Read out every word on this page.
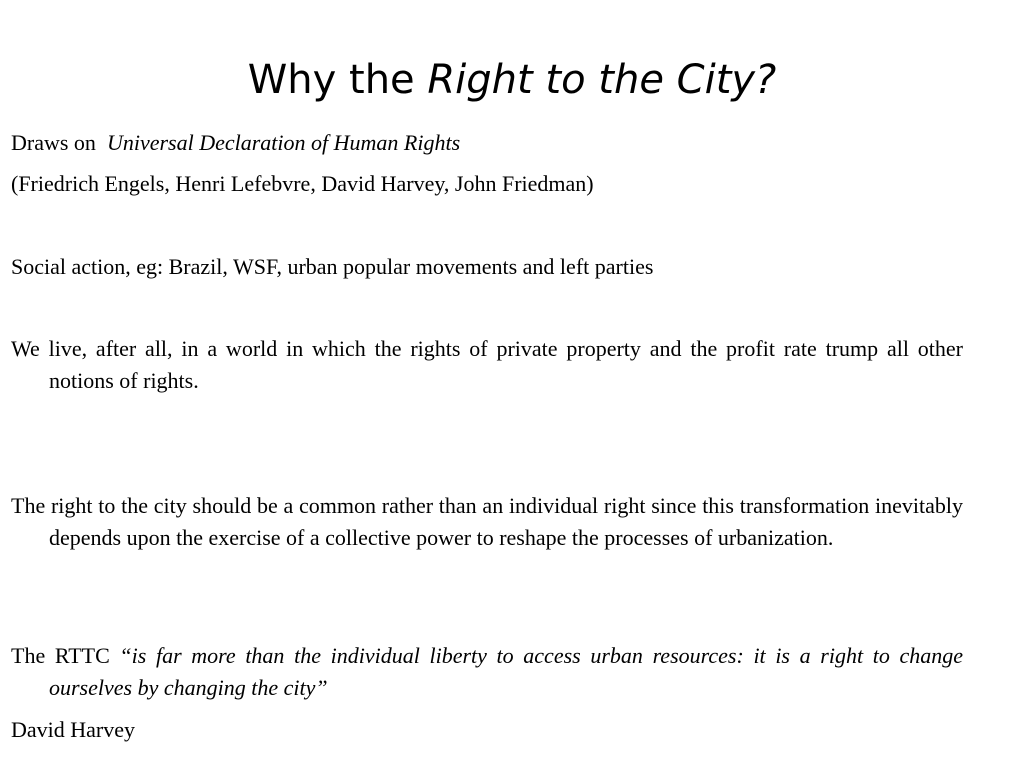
Why the Right to the City?

Draws on  Universal Declaration of Human Rights

(Friedrich Engels, Henri Lefebvre, David Harvey, John Friedman)

Social action, eg: Brazil, WSF, urban popular movements and left parties

We live, after all, in a world in which the rights of private property and the profit rate trump all other notions of rights.

The right to the city should be a common rather than an individual right since this transformation inevitably depends upon the exercise of a collective power to reshape the processes of urbanization.

The RTTC “is far more than the individual liberty to access urban resources: it is a right to change ourselves by changing the city”

David Harvey
